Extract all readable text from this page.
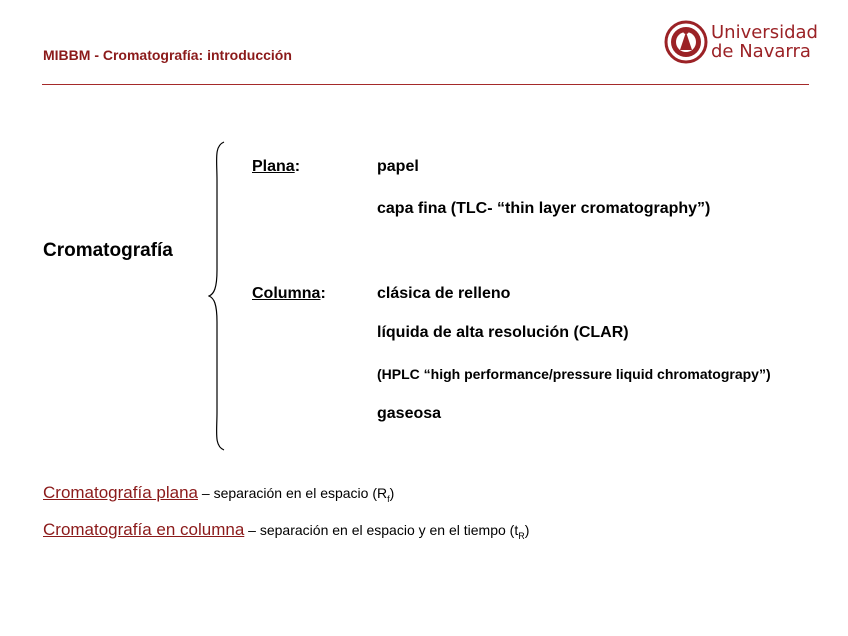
MIBBM - Cromatografía: introducción
Universidad
de Navarra
Cromatografía
Plana:	papel
capa fina (TLC- “thin layer cromatography”)
Columna:	clásica de relleno
líquida de alta resolución (CLAR)
(HPLC “high performance/pressure liquid chromatograpy”)
gaseosa
Cromatografía plana – separación en el espacio $(R_f)$
Cromatografía en columna – separación en el espacio y en el tiempo $(t_R)$
